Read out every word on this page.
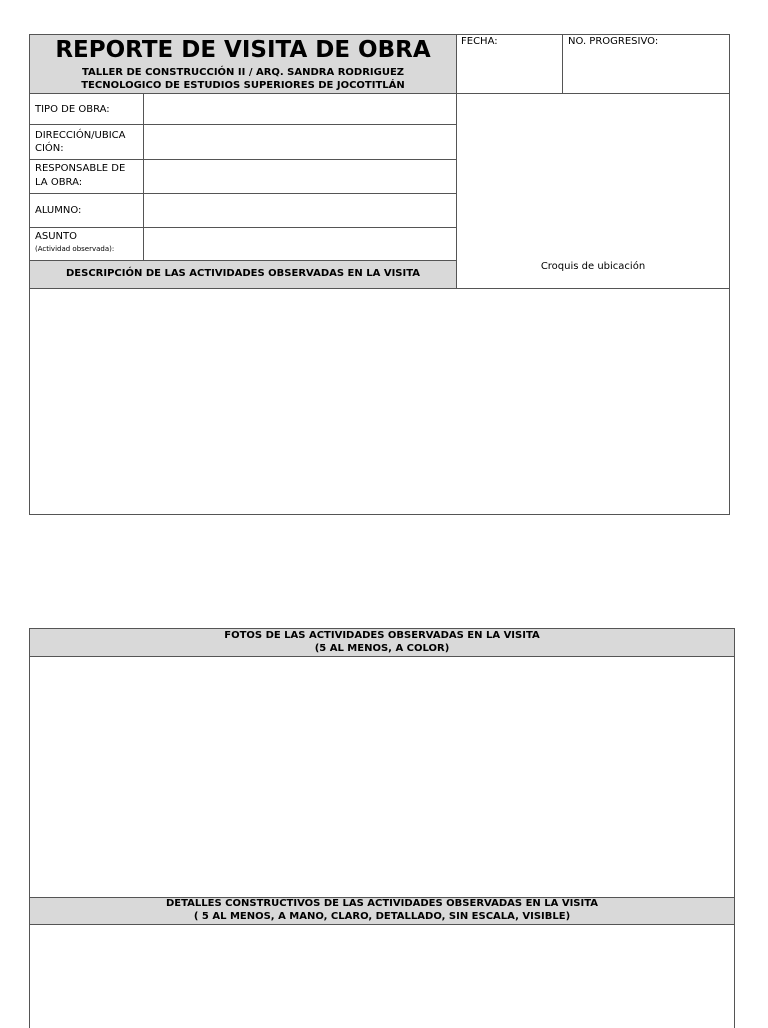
REPORTE DE VISITA DE OBRA
TALLER DE CONSTRUCCIÓN II / ARQ. SANDRA RODRIGUEZ
TECNOLOGICO DE ESTUDIOS SUPERIORES DE JOCOTITLÁN
FECHA:	NO. PROGRESIVO:
TIPO DE OBRA:
DIRECCIÓN/UBICA
CIÓN:
RESPONSABLE DE
LA OBRA:
ALUMNO:
ASUNTO
(Actividad observada):
DESCRIPCIÓN DE LAS ACTIVIDADES OBSERVADAS EN LA VISITA
Croquis de ubicación
FOTOS DE LAS ACTIVIDADES OBSERVADAS EN LA VISITA
(5 AL MENOS, A COLOR)
DETALLES CONSTRUCTIVOS DE LAS ACTIVIDADES OBSERVADAS EN LA VISITA
( 5 AL MENOS, A MANO, CLARO, DETALLADO, SIN ESCALA, VISIBLE)
